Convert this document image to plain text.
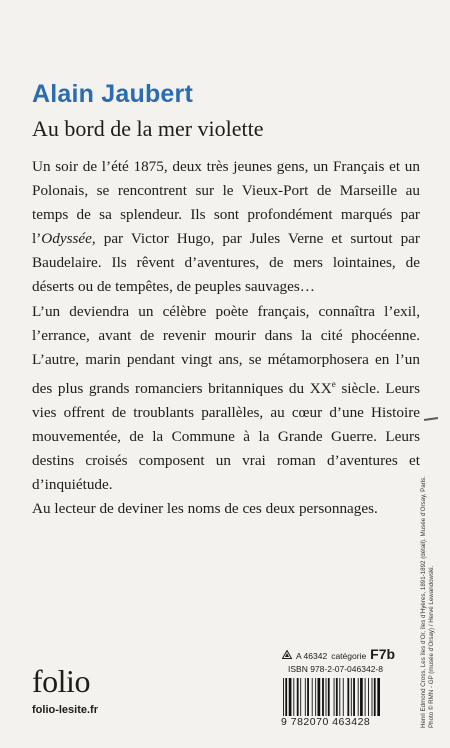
Alain Jaubert
Au bord de la mer violette

Un soir de l’été 1875, deux très jeunes gens, un Français et un Polonais, se rencontrent sur le Vieux-Port de Marseille au temps de sa splendeur. Ils sont profondément marqués par l’Odyssée, par Victor Hugo, par Jules Verne et surtout par Baudelaire. Ils rêvent d’aventures, de mers lointaines, de déserts ou de tempêtes, de peuples sauvages…

L’un deviendra un célèbre poète français, connaîtra l’exil, l’errance, avant de revenir mourir dans la cité phocéenne. L’autre, marin pendant vingt ans, se métamorphosera en l’un des plus grands romanciers britanniques du XXe siècle. Leurs vies offrent de troublants parallèles, au cœur d’une Histoire mouvementée, de la Commune à la Grande Guerre. Leurs destins croisés composent un vrai roman d’aventures et d’inquiétude.

Au lecteur de deviner les noms de ces deux personnages.	Henri Edmond Cross, Les îles d’Or, îles d’Hyères, 1891-1892 (détail). Musée d’Orsay, Paris. Photo © RMN - GP (musée d’Orsay) / Hervé Lewandowski.
A 46342 catégorie F7b
ISBN 978-2-07-046342-8
9 782070 463428
folio
folio-lesite.fr
